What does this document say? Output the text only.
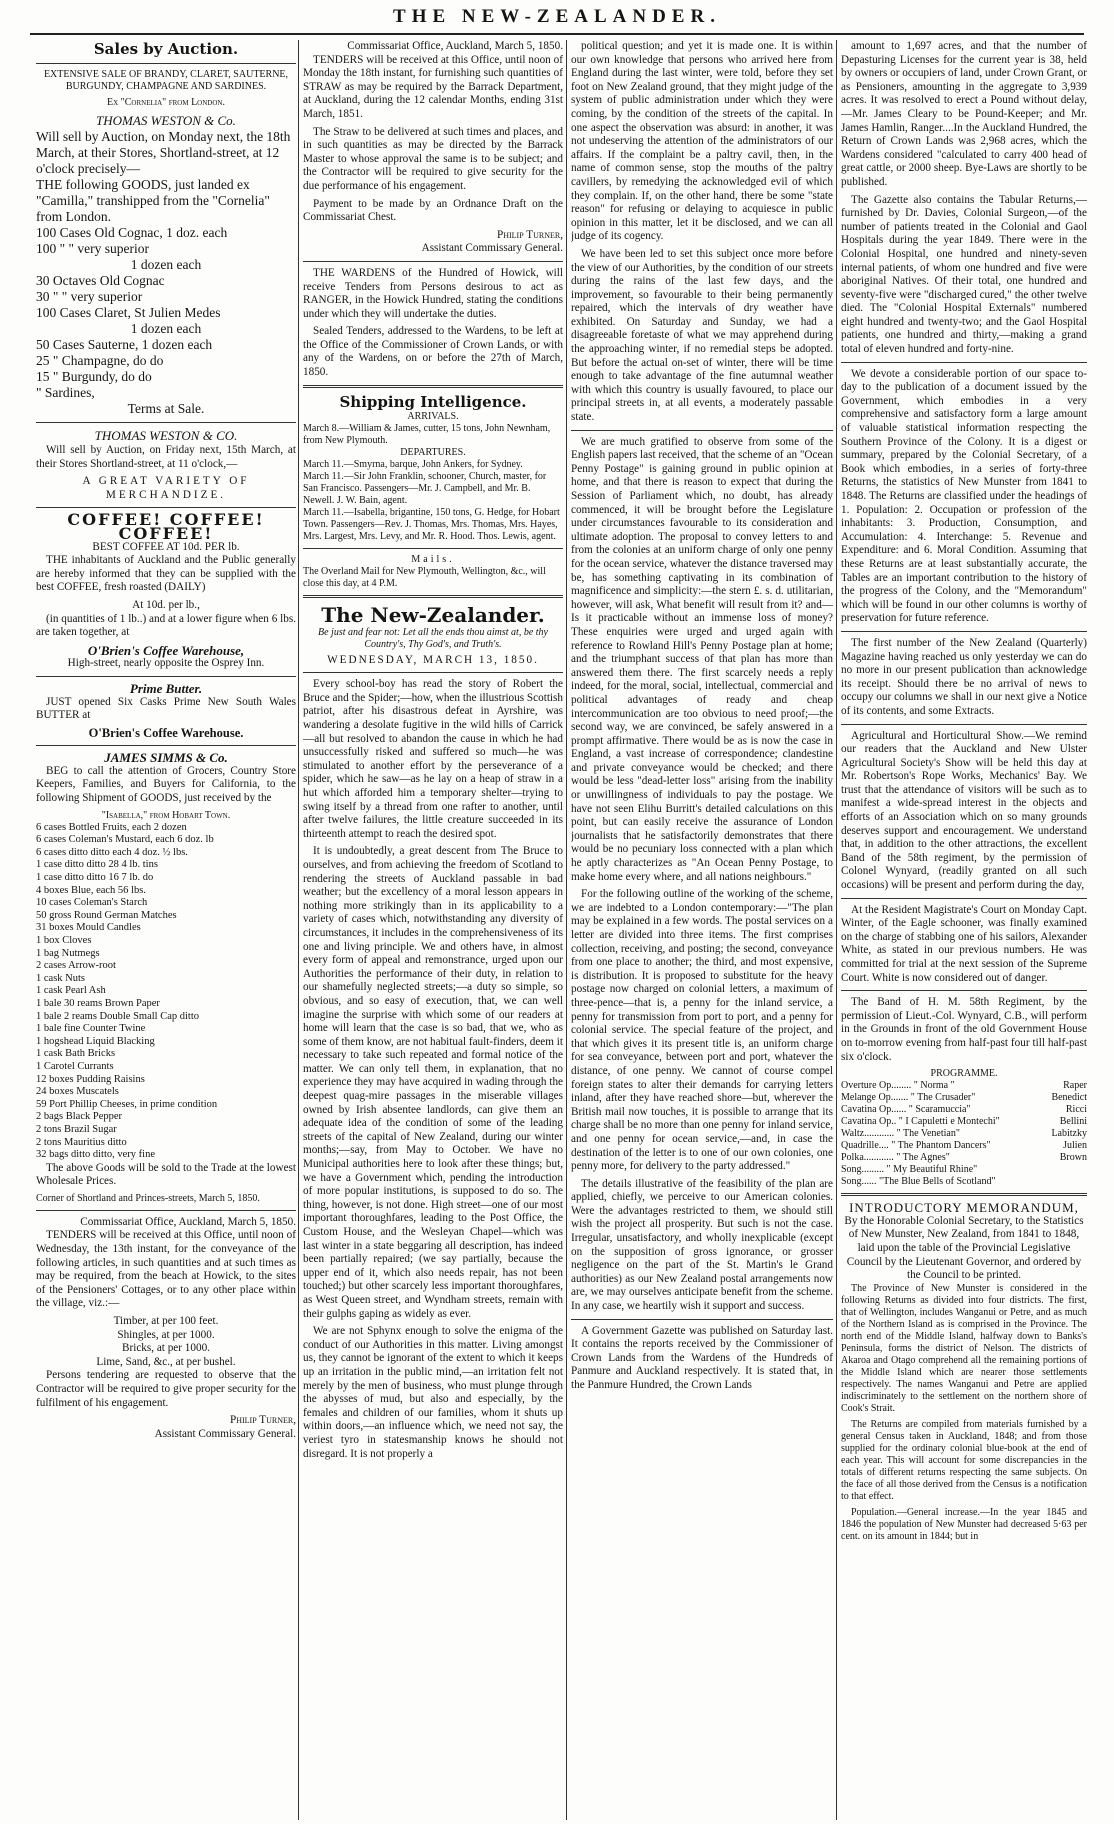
THE NEW-ZEALANDER.
Sales by Auction.
EXTENSIVE SALE OF BRANDY, CLARET, SAUTERNE, BURGUNDY, CHAMPAGNE AND SARDINES.
Ex "Cornelia" from London.
THOMAS WESTON & Co.
Will sell by Auction, on Monday next, the 18th March, at their Stores, Shortland-street, at 12 o'clock precisely—
THE following GOODS, just landed ex "Camilla," transhipped from the "Cornelia" from London.
100 Cases Old Cognac, 1 doz. each
100 " " very superior
1 dozen each
30 Octaves Old Cognac
30 " " very superior
100 Cases Claret, St Julien Medes
1 dozen each
50 Cases Sauterne, 1 dozen each
25 " Champagne, do do
15 " Burgundy, do do
" Sardines,
Terms at Sale.
THOMAS WESTON & CO.

Will sell by Auction, on Friday next, 15th March, at their Stores Shortland-street, at 11 o'clock,—

A GREAT VARIETY OF MERCHANDIZE.
COFFEE! COFFEE! COFFEE!
BEST COFFEE AT 10d. PER lb.

THE inhabitants of Auckland and the Public generally are hereby informed that they can be supplied with the best COFFEE, fresh roasted (DAILY)

At 10d. per lb.,

(in quantities of 1 lb..) and at a lower figure when 6 lbs. are taken together, at

O'Brien's Coffee Warehouse,
High-street, nearly opposite the Osprey Inn.
Prime Butter.

JUST opened Six Casks Prime New South Wales BUTTER at

O'Brien's Coffee Warehouse.
JAMES SIMMS & Co.

BEG to call the attention of Grocers, Country Store Keepers, Families, and Buyers for California, to the following Shipment of GOODS, just received by the

"Isabella," from Hobart Town.
6 cases Bottled Fruits, each 2 dozen
6 cases Coleman's Mustard, each 6 doz. lb
6 cases ditto ditto each 4 doz. ½ lbs.
1 case ditto ditto 28 4 lb. tins
1 case ditto ditto 16 7 lb. do
4 boxes Blue, each 56 lbs.
10 cases Coleman's Starch
50 gross Round German Matches
31 boxes Mould Candles
1 box Cloves
1 bag Nutmegs
2 cases Arrow-root
1 cask Nuts
1 cask Pearl Ash
1 bale 30 reams Brown Paper
1 bale 2 reams Double Small Cap ditto
1 bale fine Counter Twine
1 hogshead Liquid Blacking
1 cask Bath Bricks
1 Carotel Currants
12 boxes Pudding Raisins
24 boxes Muscatels
59 Port Phillip Cheeses, in prime condition
2 bags Black Pepper
2 tons Brazil Sugar
2 tons Mauritius ditto
32 bags ditto ditto, very fine

The above Goods will be sold to the Trade at the lowest Wholesale Prices.

Corner of Shortland and Princes-streets, March 5, 1850.
Commissariat Office, Auckland, March 5, 1850.

TENDERS will be received at this Office, until noon of Wednesday, the 13th instant, for the conveyance of the following articles, in such quantities and at such times as may be required, from the beach at Howick, to the sites of the Pensioners' Cottages, or to any other place within the village, viz.:—

Timber, at per 100 feet.
Shingles, at per 1000.
Bricks, at per 1000.
Lime, Sand, &c., at per bushel.

Persons tendering are requested to observe that the Contractor will be required to give proper security for the fulfilment of his engagement.

Philip Turner,
Assistant Commissary General.
Commissariat Office, Auckland, March 5, 1850.

TENDERS will be received at this Office, until noon of Monday the 18th instant, for furnishing such quantities of STRAW as may be required by the Barrack Department, at Auckland, during the 12 calendar Months, ending 31st March, 1851.

The Straw to be delivered at such times and places, and in such quantities as may be directed by the Barrack Master to whose approval the same is to be subject; and the Contractor will be required to give security for the due performance of his engagement.

Payment to be made by an Ordnance Draft on the Commissariat Chest.

Philip Turner,
Assistant Commissary General.

THE WARDENS of the Hundred of Howick, will receive Tenders from Persons desirous to act as RANGER, in the Howick Hundred, stating the conditions under which they will undertake the duties.

Sealed Tenders, addressed to the Wardens, to be left at the Office of the Commissioner of Crown Lands, or with any of the Wardens, on or before the 27th of March, 1850.

Shipping Intelligence.
ARRIVALS.
March 8.—William & James, cutter, 15 tons, John Newnham, from New Plymouth.
DEPARTURES.
March 11.—Smyrna, barque, John Ankers, for Sydney.
March 11.—Sir John Franklin, schooner, Church, master, for San Francisco. Passengers—Mr. J. Campbell, and Mr. B. Newell. J. W. Bain, agent.
March 11.—Isabella, brigantine, 150 tons, G. Hedge, for Hobart Town. Passengers—Rev. J. Thomas, Mrs. Thomas, Mrs. Hayes, Mrs. Largest, Mrs. Levy, and Mr. R. Hood. Thos. Lewis, agent.
Mails.
The Overland Mail for New Plymouth, Wellington, &c., will close this day, at 4 P.M.
The New-Zealander.
Be just and fear not: Let all the ends thou aimst at, be thy Country's, Thy God's, and Truth's.
WEDNESDAY, MARCH 13, 1850.

Every school-boy has read the story of Robert the Bruce and the Spider;—how, when the illustrious Scottish patriot, after his disastrous defeat in Ayrshire, was wandering a desolate fugitive in the wild hills of Carrick—all but resolved to abandon the cause in which he had unsuccessfully risked and suffered so much—he was stimulated to another effort by the perseverance of a spider, which he saw—as he lay on a heap of straw in a hut which afforded him a temporary shelter—trying to swing itself by a thread from one rafter to another, until after twelve failures, the little creature succeeded in its thirteenth attempt to reach the desired spot.

It is undoubtedly, a great descent from The Bruce to ourselves, and from achieving the freedom of Scotland to rendering the streets of Auckland passable in bad weather; but the excellency of a moral lesson appears in nothing more strikingly than in its applicability to a variety of cases which, notwithstanding any diversity of circumstances, it includes in the comprehensiveness of its one and living principle. We and others have, in almost every form of appeal and remonstrance, urged upon our Authorities the performance of their duty, in relation to our shamefully neglected streets;—a duty so simple, so obvious, and so easy of execution, that, we can well imagine the surprise with which some of our readers at home will learn that the case is so bad, that we, who as some of them know, are not habitual fault-finders, deem it necessary to take such repeated and formal notice of the matter. We can only tell them, in explanation, that no experience they may have acquired in wading through the deepest quag-mire passages in the miserable villages owned by Irish absentee landlords, can give them an adequate idea of the condition of some of the leading streets of the capital of New Zealand, during our winter months;—say, from May to October. We have no Municipal authorities here to look after these things; but, we have a Government which, pending the introduction of more popular institutions, is supposed to do so. The thing, however, is not done. High street—one of our most important thoroughfares, leading to the Post Office, the Custom House, and the Wesleyan Chapel—which was last winter in a state beggaring all description, has indeed been partially repaired; (we say partially, because the upper end of it, which also needs repair, has not been touched;) but other scarcely less important thoroughfares, as West Queen street, and Wyndham streets, remain with their gulphs gaping as widely as ever.

We are not Sphynx enough to solve the enigma of the conduct of our Authorities in this matter. Living amongst us, they cannot be ignorant of the extent to which it keeps up an irritation in the public mind,—an irritation felt not merely by the men of business, who must plunge through the abysses of mud, but also and especially, by the females and children of our families, whom it shuts up within doors,—an influence which, we need not say, the veriest tyro in statesmanship knows he should not disregard. It is not properly a

political question; and yet it is made one. It is within our own knowledge that persons who arrived here from England during the last winter, were told, before they set foot on New Zealand ground, that they might judge of the system of public administration under which they were coming, by the condition of the streets of the capital. In one aspect the observation was absurd: in another, it was not undeserving the attention of the administrators of our affairs. If the complaint be a paltry cavil, then, in the name of common sense, stop the mouths of the paltry cavillers, by remedying the acknowledged evil of which they complain. If, on the other hand, there be some "state reason" for refusing or delaying to acquiesce in public opinion in this matter, let it be disclosed, and we can all judge of its cogency.

We have been led to set this subject once more before the view of our Authorities, by the condition of our streets during the rains of the last few days, and the improvement, so favourable to their being permanently repaired, which the intervals of dry weather have exhibited. On Saturday and Sunday, we had a disagreeable foretaste of what we may apprehend during the approaching winter, if no remedial steps be adopted. But before the actual on-set of winter, there will be time enough to take advantage of the fine autumnal weather with which this country is usually favoured, to place our principal streets in, at all events, a moderately passable state.

We are much gratified to observe from some of the English papers last received, that the scheme of an "Ocean Penny Postage" is gaining ground in public opinion at home, and that there is reason to expect that during the Session of Parliament which, no doubt, has already commenced, it will be brought before the Legislature under circumstances favourable to its consideration and ultimate adoption. The proposal to convey letters to and from the colonies at an uniform charge of only one penny for the ocean service, whatever the distance traversed may be, has something captivating in its combination of magnificence and simplicity:—the stern £. s. d. utilitarian, however, will ask, What benefit will result from it? and—Is it practicable without an immense loss of money? These enquiries were urged and urged again with reference to Rowland Hill's Penny Postage plan at home; and the triumphant success of that plan has more than answered them there. The first scarcely needs a reply indeed, for the moral, social, intellectual, commercial and political advantages of ready and cheap intercommunication are too obvious to need proof;—the second way, we are convinced, be safely answered in a prompt affirmative. There would be as is now the case in England, a vast increase of correspondence; clandestine and private conveyance would be checked; and there would be less "dead-letter loss" arising from the inability or unwillingness of individuals to pay the postage. We have not seen Elihu Burritt's detailed calculations on this point, but can easily receive the assurance of London journalists that he satisfactorily demonstrates that there would be no pecuniary loss connected with a plan which he aptly characterizes as "An Ocean Penny Postage, to make home every where, and all nations neighbours."

For the following outline of the working of the scheme, we are indebted to a London contemporary:—"The plan may be explained in a few words. The postal services on a letter are divided into three items. The first comprises collection, receiving, and posting; the second, conveyance from one place to another; the third, and most expensive, is distribution. It is proposed to substitute for the heavy postage now charged on colonial letters, a maximum of three-pence—that is, a penny for the inland service, a penny for transmission from port to port, and a penny for colonial service. The special feature of the project, and that which gives it its present title is, an uniform charge for sea conveyance, between port and port, whatever the distance, of one penny. We cannot of course compel foreign states to alter their demands for carrying letters inland, after they have reached shore—but, wherever the British mail now touches, it is possible to arrange that its charge shall be no more than one penny for inland service, and one penny for ocean service,—and, in case the destination of the letter is to one of our own colonies, one penny more, for delivery to the party addressed."

The details illustrative of the feasibility of the plan are applied, chiefly, we perceive to our American colonies. Were the advantages restricted to them, we should still wish the project all prosperity. But such is not the case. Irregular, unsatisfactory, and wholly inexplicable (except on the supposition of gross ignorance, or grosser negligence on the part of the St. Martin's le Grand authorities) as our New Zealand postal arrangements now are, we may ourselves anticipate benefit from the scheme. In any case, we heartily wish it support and success.

A Government Gazette was published on Saturday last. It contains the reports received by the Commissioner of Crown Lands from the Wardens of the Hundreds of Panmure and Auckland respectively. It is stated that, in the Panmure Hundred, the Crown Lands

amount to 1,697 acres, and that the number of Depasturing Licenses for the current year is 38, held by owners or occupiers of land, under Crown Grant, or as Pensioners, amounting in the aggregate to 3,939 acres. It was resolved to erect a Pound without delay,—Mr. James Cleary to be Pound-Keeper; and Mr. James Hamlin, Ranger....In the Auckland Hundred, the Return of Crown Lands was 2,968 acres, which the Wardens considered "calculated to carry 400 head of great cattle, or 2000 sheep. Bye-Laws are shortly to be published.

The Gazette also contains the Tabular Returns,—furnished by Dr. Davies, Colonial Surgeon,—of the number of patients treated in the Colonial and Gaol Hospitals during the year 1849. There were in the Colonial Hospital, one hundred and ninety-seven internal patients, of whom one hundred and five were aboriginal Natives. Of their total, one hundred and seventy-five were "discharged cured," the other twelve died. The "Colonial Hospital Externals" numbered eight hundred and twenty-two; and the Gaol Hospital patients, one hundred and thirty,—making a grand total of eleven hundred and forty-nine.

We devote a considerable portion of our space to-day to the publication of a document issued by the Government, which embodies in a very comprehensive and satisfactory form a large amount of valuable statistical information respecting the Southern Province of the Colony. It is a digest or summary, prepared by the Colonial Secretary, of a Book which embodies, in a series of forty-three Returns, the statistics of New Munster from 1841 to 1848. The Returns are classified under the headings of 1. Population: 2. Occupation or profession of the inhabitants: 3. Production, Consumption, and Accumulation: 4. Interchange: 5. Revenue and Expenditure: and 6. Moral Condition. Assuming that these Returns are at least substantially accurate, the Tables are an important contribution to the history of the progress of the Colony, and the "Memorandum" which will be found in our other columns is worthy of preservation for future reference.

The first number of the New Zealand (Quarterly) Magazine having reached us only yesterday we can do no more in our present publication than acknowledge its receipt. Should there be no arrival of news to occupy our columns we shall in our next give a Notice of its contents, and some Extracts.

Agricultural and Horticultural Show.—We remind our readers that the Auckland and New Ulster Agricultural Society's Show will be held this day at Mr. Robertson's Rope Works, Mechanics' Bay. We trust that the attendance of visitors will be such as to manifest a wide-spread interest in the objects and efforts of an Association which on so many grounds deserves support and encouragement. We understand that, in addition to the other attractions, the excellent Band of the 58th regiment, by the permission of Colonel Wynyard, (readily granted on all such occasions) will be present and perform during the day,

At the Resident Magistrate's Court on Monday Capt. Winter, of the Eagle schooner, was finally examined on the charge of stabbing one of his sailors, Alexander White, as stated in our previous numbers. He was committed for trial at the next session of the Supreme Court. White is now considered out of danger.

The Band of H. M. 58th Regiment, by the permission of Lieut.-Col. Wynyard, C.B., will perform in the Grounds in front of the old Government House on to-morrow evening from half-past four till half-past six o'clock.

PROGRAMME.
Overture Op........ " Norma "	Raper
Melange Op....... " The Crusader"	Benedict
Cavatina Op...... " Scaramuccia"	Ricci
Cavatina Op.. " I Capuletti e Montechi"	Bellini
Waltz............ " The Venetian"	Labitzky
Quadrille.... " The Phantom Dancers"	Julien
Polka............ " The Agnes"	Brown
Song......... " My Beautiful Rhine"
Song...... "The Blue Bells of Scotland"
INTRODUCTORY MEMORANDUM,
By the Honorable Colonial Secretary, to the Statistics of New Munster, New Zealand, from 1841 to 1848, laid upon the table of the Provincial Legislative Council by the Lieutenant Governor, and ordered by the Council to be printed.

The Province of New Munster is considered in the following Returns as divided into four districts. The first, that of Wellington, includes Wanganui or Petre, and as much of the Northern Island as is comprised in the Province. The north end of the Middle Island, halfway down to Banks's Peninsula, forms the district of Nelson. The districts of Akaroa and Otago comprehend all the remaining portions of the Middle Island which are nearer those settlements respectively. The names Wanganui and Petre are applied indiscriminately to the settlement on the northern shore of Cook's Strait.

The Returns are compiled from materials furnished by a general Census taken in Auckland, 1848; and from those supplied for the ordinary colonial blue-book at the end of each year. This will account for some discrepancies in the totals of different returns respecting the same subjects. On the face of all those derived from the Census is a notification to that effect.

Population.—General increase.—In the year 1845 and 1846 the population of New Munster had decreased 5·63 per cent. on its amount in 1844; but in
